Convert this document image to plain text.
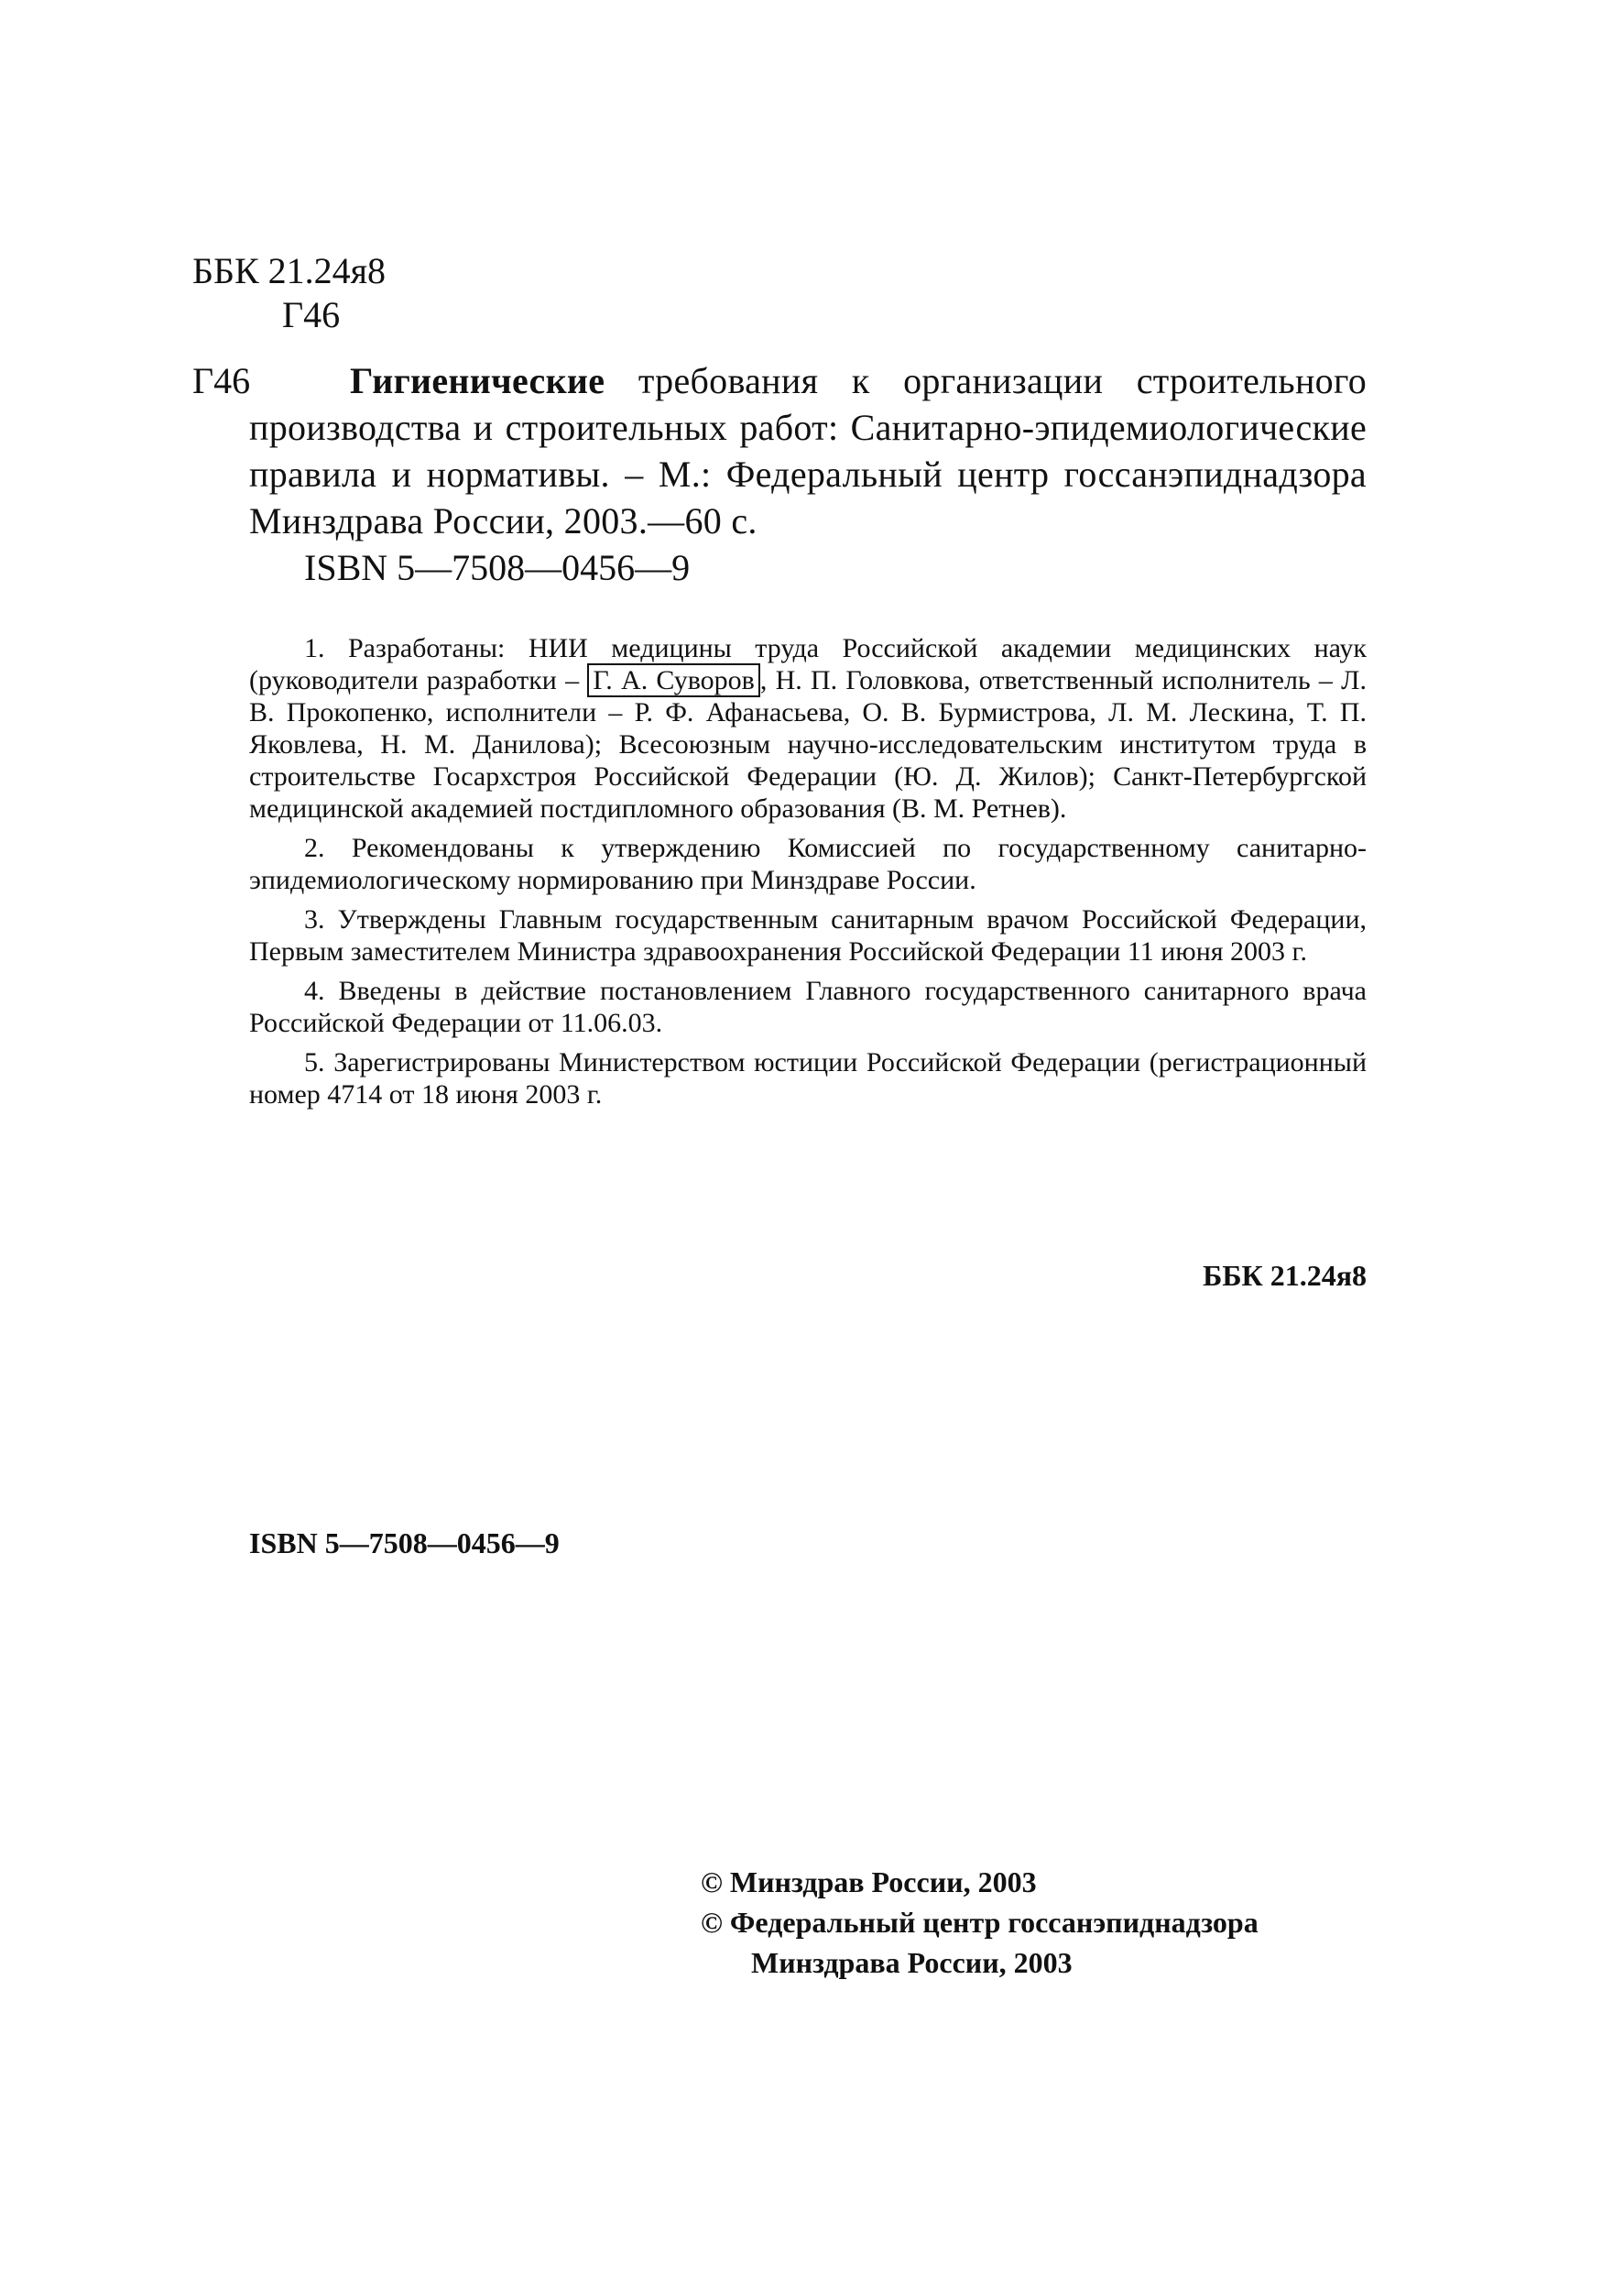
ББК 21.24я8
Г46
Г46	Гигиенические требования к организации строительного производства и строительных работ: Санитарно-эпидемиологические правила и нормативы. – М.: Федеральный центр госсанэпиднадзора Минздрава России, 2003.—60 с.
ISBN 5—7508—0456—9
1. Разработаны: НИИ медицины труда Российской академии медицинских наук (руководители разработки – Г. А. Суворов , Н. П. Головкова, ответственный исполнитель – Л. В. Прокопенко, исполнители – Р. Ф. Афанасьева, О. В. Бурмистрова, Л. М. Лескина, Т. П. Яковлева, Н. М. Данилова); Всесоюзным научно-исследовательским институтом труда в строительстве Госархстроя Российской Федерации (Ю. Д. Жилов); Санкт-Петербургской медицинской академией постдипломного образования (В. М. Ретнев).
2. Рекомендованы к утверждению Комиссией по государственному санитарно-эпидемиологическому нормированию при Минздраве России.
3. Утверждены Главным государственным санитарным врачом Российской Федерации, Первым заместителем Министра здравоохранения Российской Федерации 11 июня 2003 г.
4. Введены в действие постановлением Главного государственного санитарного врача Российской Федерации от 11.06.03.
5. Зарегистрированы Министерством юстиции Российской Федерации (регистрационный номер 4714 от 18 июня 2003 г.
ББК 21.24я8
ISBN 5—7508—0456—9
© Минздрав России, 2003
© Федеральный центр госсанэпиднадзора
Минздрава России, 2003
